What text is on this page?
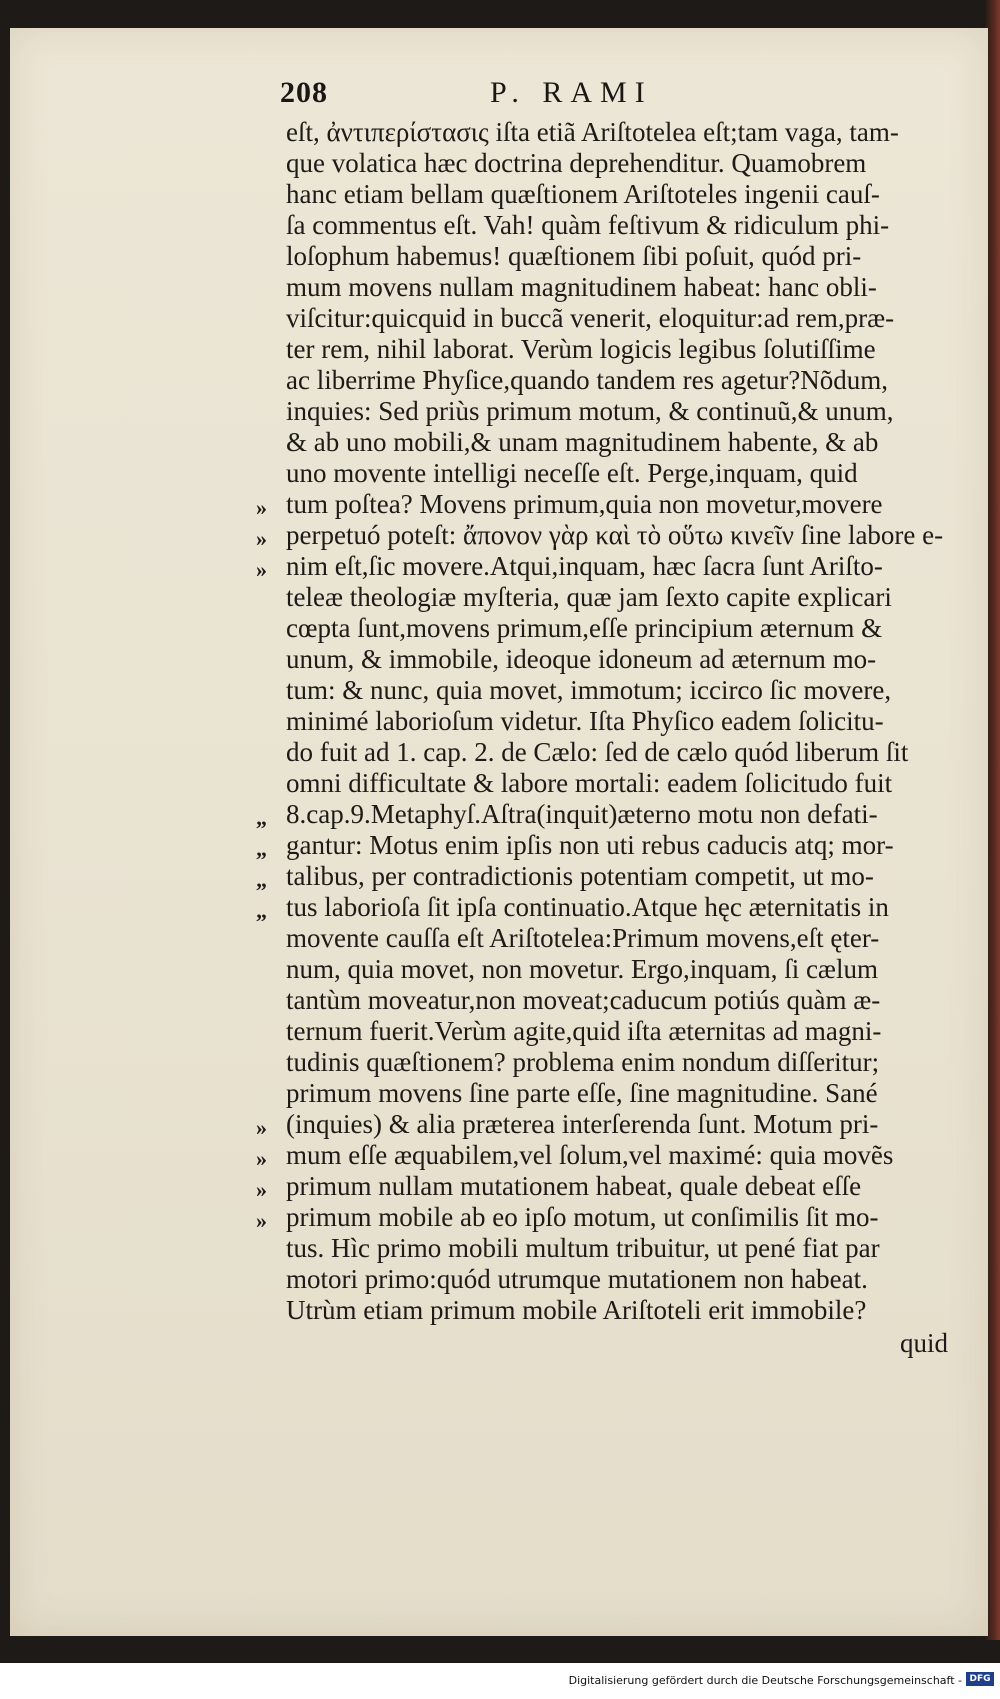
208	P. RAMI
eſt, ἀντιπερίστασις iſta etiã Ariſtotelea eſt;tam vaga, tam-
que volatica hæc doctrina deprehenditur. Quamobrem
hanc etiam bellam quæſtionem Ariſtoteles ingenii cauſ-
ſa commentus eſt. Vah! quàm feſtivum & ridiculum phi-
loſophum habemus! quæſtionem ſibi poſuit, quód pri-
mum movens nullam magnitudinem habeat: hanc obli-
viſcitur:quicquid in buccã venerit, eloquitur:ad rem,præ-
ter rem, nihil laborat. Verùm logicis legibus ſolutiſſime
ac liberrime Phyſice,quando tandem res agetur?Nõdum,
inquies: Sed priùs primum motum, & continuũ,& unum,
& ab uno mobili,& unam magnitudinem habente, & ab
uno movente intelligi neceſſe eſt. Perge,inquam, quid
» tum poſtea? Movens primum,quia non movetur,movere
» perpetuó poteſt: ἄπονον γὰρ καὶ τὸ οὕτω κινεῖν ſine labore e-
» nim eſt,ſic movere.Atqui,inquam, hæc ſacra ſunt Ariſto-
teleæ theologiæ myſteria, quæ jam ſexto capite explicari
cœpta ſunt,movens primum,eſſe principium æternum &
unum, & immobile, ideoque idoneum ad æternum mo-
tum: & nunc, quia movet, immotum; iccirco ſic movere,
minimé laborioſum videtur. Iſta Phyſico eadem ſolicitu-
do fuit ad 1. cap. 2. de Cælo: ſed de cælo quód liberum ſit
omni difficultate & labore mortali: eadem ſolicitudo fuit
„ 8.cap.9.Metaphyſ.Aſtra(inquit)æterno motu non defati-
„ gantur: Motus enim ipſis non uti rebus caducis atq; mor-
„ talibus, per contradictionis potentiam competit, ut mo-
„ tus laborioſa ſit ipſa continuatio.Atque hęc æternitatis in
movente cauſſa eſt Ariſtotelea:Primum movens,eſt ęter-
num, quia movet, non movetur. Ergo,inquam, ſi cælum
tantùm moveatur,non moveat;caducum potiús quàm æ-
ternum fuerit.Verùm agite,quid iſta æternitas ad magni-
tudinis quæſtionem? problema enim nondum diſſeritur;
primum movens ſine parte eſſe, ſine magnitudine. Sané
» (inquies) & alia præterea interſerenda ſunt. Motum pri-
» mum eſſe æquabilem,vel ſolum,vel maximé: quia movẽs
» primum nullam mutationem habeat, quale debeat eſſe
» primum mobile ab eo ipſo motum, ut conſimilis ſit mo-
tus. Hìc primo mobili multum tribuitur, ut pené fiat par
motori primo:quód utrumque mutationem non habeat.
Utrùm etiam primum mobile Ariſtoteli erit immobile?
quid
Digitalisierung gefördert durch die Deutsche Forschungsgemeinschaft - DFG
